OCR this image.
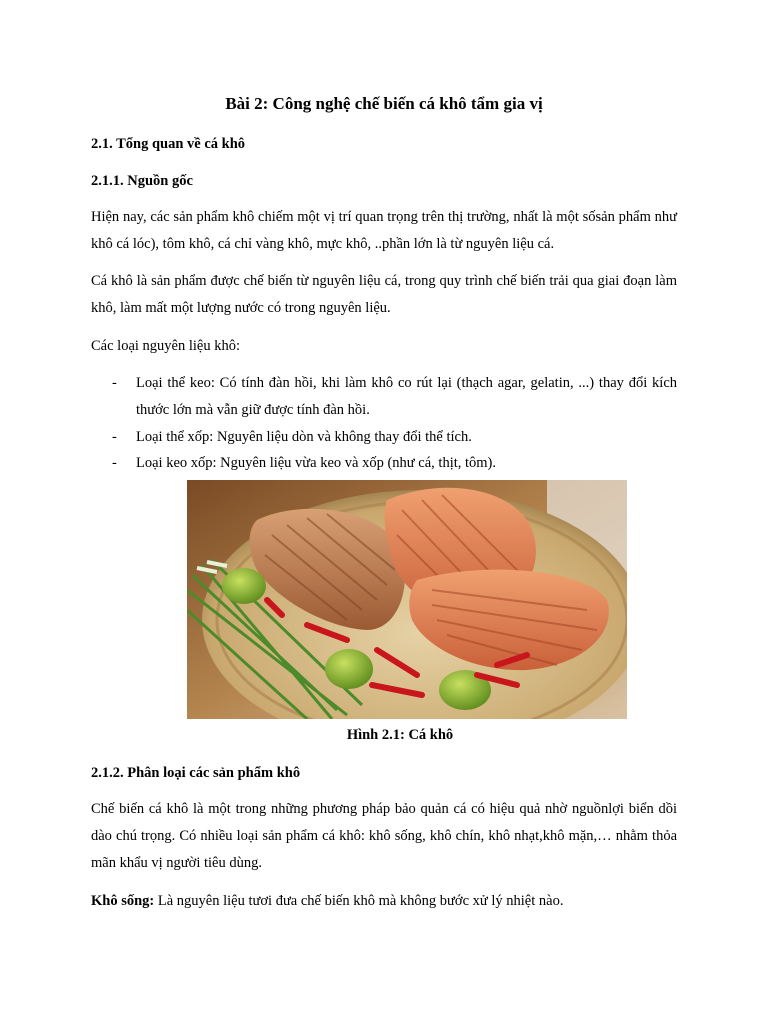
Bài 2: Công nghệ chế biến cá khô tẩm gia vị

2.1. Tổng quan về cá khô

2.1.1. Nguồn gốc

Hiện nay, các sản phẩm khô chiếm một vị trí quan trọng trên thị trường, nhất là một sốsản phẩm như khô cá lóc), tôm khô, cá chỉ vàng khô, mực khô, ..phần lớn là từ nguyên liệu cá.

Cá khô là sản phẩm được chế biến từ nguyên liệu cá, trong quy trình chế biến trải qua giai đoạn làm khô, làm mất một lượng nước có trong nguyên liệu.

Các loại nguyên liệu khô:

- Loại thể keo: Có tính đàn hồi, khi làm khô co rút lại (thạch agar, gelatin, ...) thay đổi kích thước lớn mà vẫn giữ được tính đàn hồi.
- Loại thể xốp: Nguyên liệu dòn và không thay đổi thể tích.
- Loại keo xốp: Nguyên liệu vừa keo và xốp (như cá, thịt, tôm).

Hình 2.1: Cá khô

2.1.2. Phân loại các sản phẩm khô

Chế biến cá khô là một trong những phương pháp bảo quản cá có hiệu quả nhờ nguồnlợi biển dồi dào chú trọng. Có nhiều loại sản phẩm cá khô: khô sống, khô chín, khô nhạt,khô mặn,… nhằm thỏa mãn khẩu vị người tiêu dùng.

Khô sống: Là nguyên liệu tươi đưa chế biến khô mà không bước xử lý nhiệt nào.
